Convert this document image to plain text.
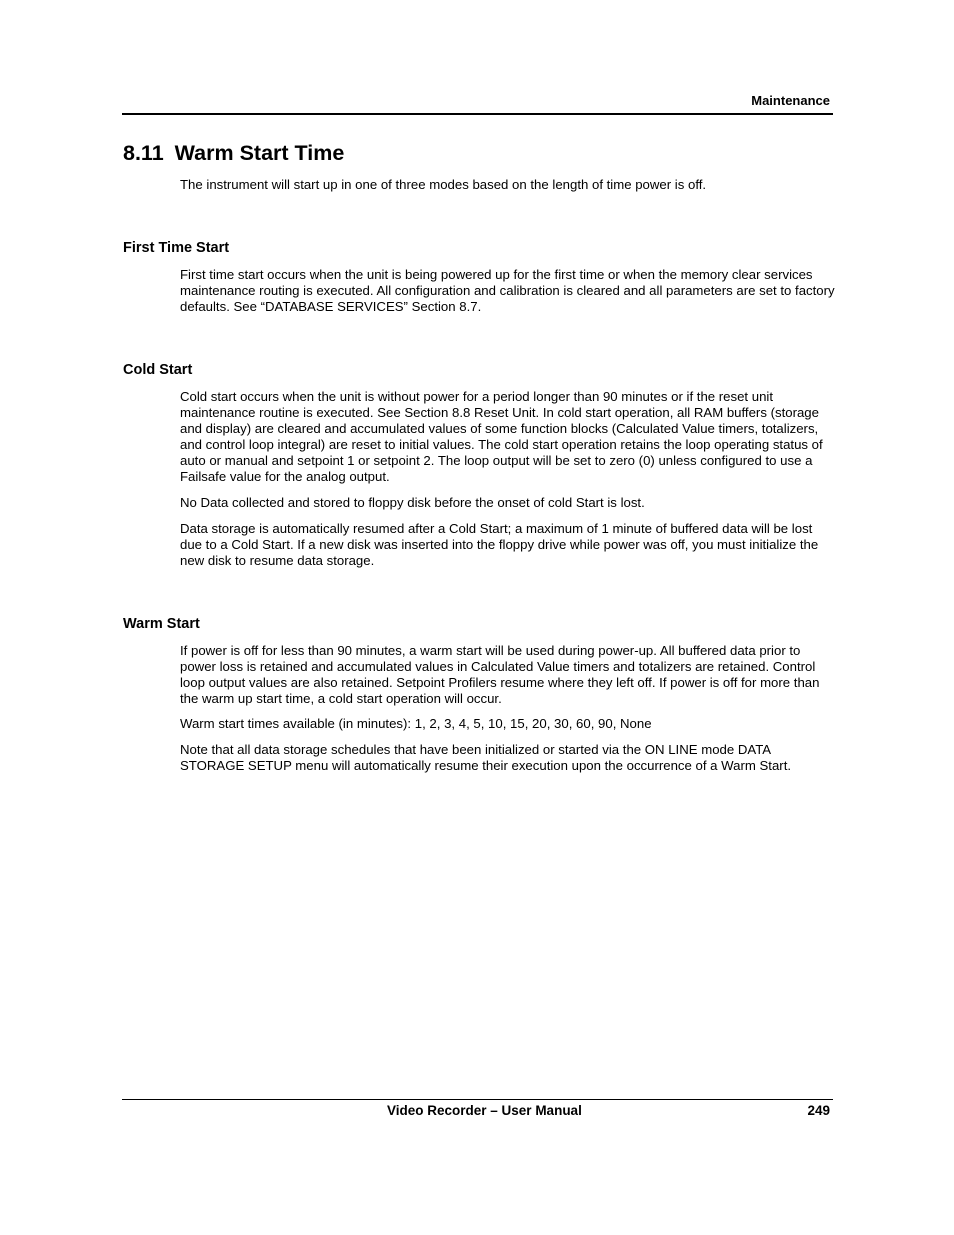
Maintenance
8.11 Warm Start Time

The instrument will start up in one of three modes based on the length of time power is off.

First Time Start

First time start occurs when the unit is being powered up for the first time or when the memory clear services maintenance routing is executed. All configuration and calibration is cleared and all parameters are set to factory defaults. See “DATABASE SERVICES” Section 8.7.

Cold Start

Cold start occurs when the unit is without power for a period longer than 90 minutes or if the reset unit maintenance routine is executed. See Section 8.8 Reset Unit. In cold start operation, all RAM buffers (storage and display) are cleared and accumulated values of some function blocks (Calculated Value timers, totalizers, and control loop integral) are reset to initial values. The cold start operation retains the loop operating status of auto or manual and setpoint 1 or setpoint 2. The loop output will be set to zero (0) unless configured to use a Failsafe value for the analog output.

No Data collected and stored to floppy disk before the onset of cold Start is lost.

Data storage is automatically resumed after a Cold Start; a maximum of 1 minute of buffered data will be lost due to a Cold Start. If a new disk was inserted into the floppy drive while power was off, you must initialize the new disk to resume data storage.

Warm Start

If power is off for less than 90 minutes, a warm start will be used during power-up. All buffered data prior to power loss is retained and accumulated values in Calculated Value timers and totalizers are retained. Control loop output values are also retained. Setpoint Profilers resume where they left off. If power is off for more than the warm up start time, a cold start operation will occur.

Warm start times available (in minutes): 1, 2, 3, 4, 5, 10, 15, 20, 30, 60, 90, None

Note that all data storage schedules that have been initialized or started via the ON LINE mode DATA STORAGE SETUP menu will automatically resume their execution upon the occurrence of a Warm Start.

Video Recorder – User Manual	249
